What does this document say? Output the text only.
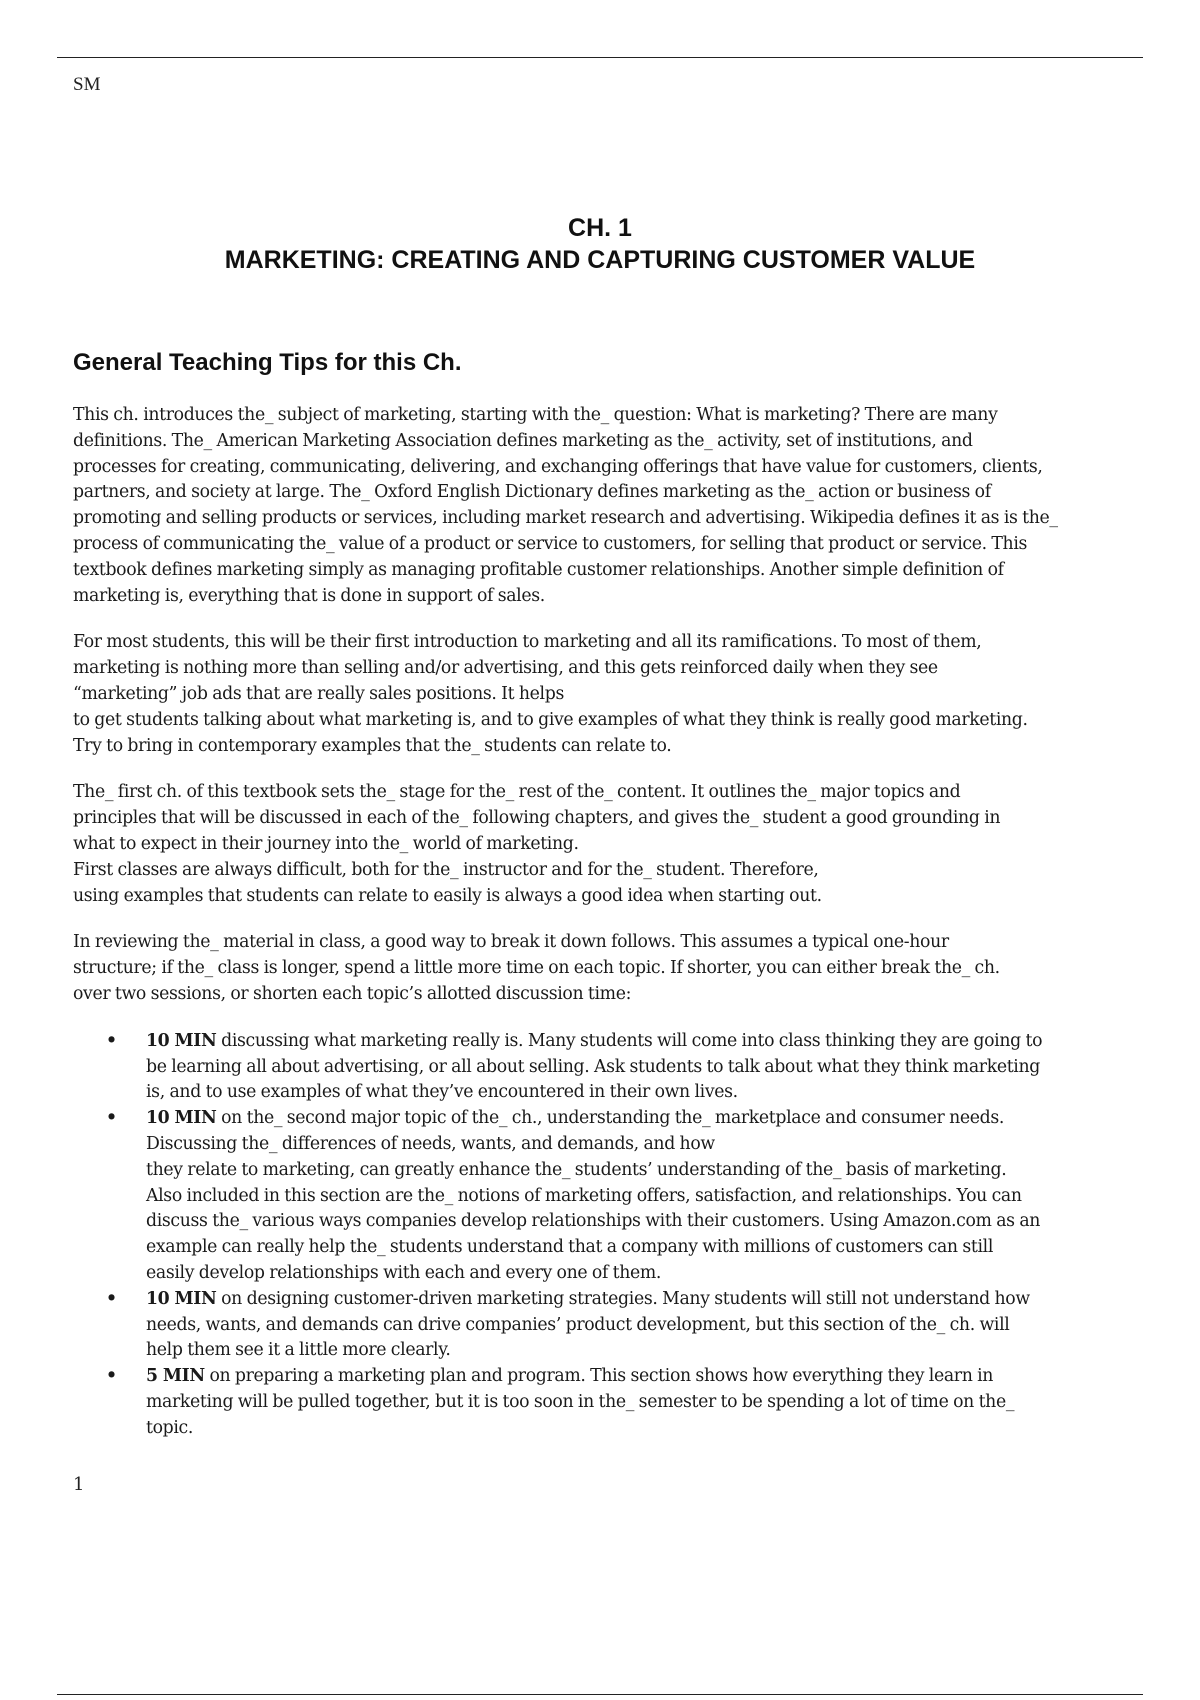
SM
CH. 1
MARKETING: CREATING AND CAPTURING CUSTOMER VALUE
General Teaching Tips for this Ch.

This ch. introduces the_ subject of marketing, starting with the_ question: What is marketing? There are many
definitions. The_ American Marketing Association defines marketing as the_ activity, set of institutions, and
processes for creating, communicating, delivering, and exchanging offerings that have value for customers, clients,
partners, and society at large. The_ Oxford English Dictionary defines marketing as the_ action or business of
promoting and selling products or services, including market research and advertising. Wikipedia defines it as is the_
process of communicating the_ value of a product or service to customers, for selling that product or service. This
textbook defines marketing simply as managing profitable customer relationships. Another simple definition of
marketing is, everything that is done in support of sales.

For most students, this will be their first introduction to marketing and all its ramifications. To most of them,
marketing is nothing more than selling and/or advertising, and this gets reinforced daily when they see
“marketing” job ads that are really sales positions. It helps
to get students talking about what marketing is, and to give examples of what they think is really good marketing.
Try to bring in contemporary examples that the_ students can relate to.

The_ first ch. of this textbook sets the_ stage for the_ rest of the_ content. It outlines the_ major topics and
principles that will be discussed in each of the_ following chapters, and gives the_ student a good grounding in
what to expect in their journey into the_ world of marketing.
First classes are always difficult, both for the_ instructor and for the_ student. Therefore,
using examples that students can relate to easily is always a good idea when starting out.

In reviewing the_ material in class, a good way to break it down follows. This assumes a typical one-hour
structure; if the_ class is longer, spend a little more time on each topic. If shorter, you can either break the_ ch.
over two sessions, or shorten each topic’s allotted discussion time:

• 10 MIN discussing what marketing really is. Many students will come into class thinking they are going to
be learning all about advertising, or all about selling. Ask students to talk about what they think marketing
is, and to use examples of what they’ve encountered in their own lives.
• 10 MIN on the_ second major topic of the_ ch., understanding the_ marketplace and consumer needs.
Discussing the_ differences of needs, wants, and demands, and how
they relate to marketing, can greatly enhance the_ students’ understanding of the_ basis of marketing.
Also included in this section are the_ notions of marketing offers, satisfaction, and relationships. You can
discuss the_ various ways companies develop relationships with their customers. Using Amazon.com as an
example can really help the_ students understand that a company with millions of customers can still
easily develop relationships with each and every one of them.
• 10 MIN on designing customer-driven marketing strategies. Many students will still not understand how
needs, wants, and demands can drive companies’ product development, but this section of the_ ch. will
help them see it a little more clearly.
• 5 MIN on preparing a marketing plan and program. This section shows how everything they learn in
marketing will be pulled together, but it is too soon in the_ semester to be spending a lot of time on the_
topic.
1
